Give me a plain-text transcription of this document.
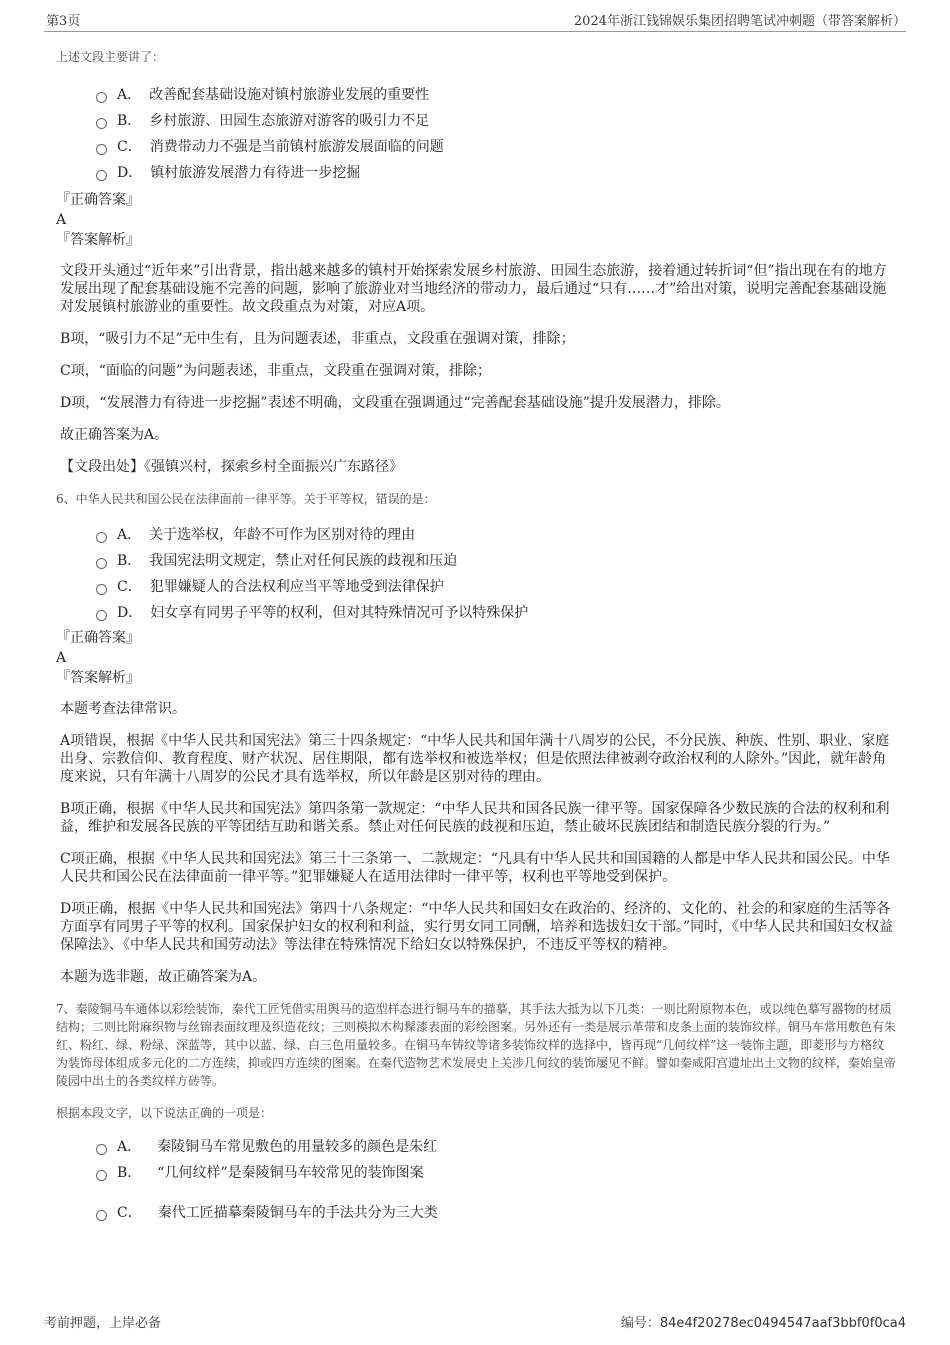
第3页	2024年浙江钱锦娱乐集团招聘笔试冲刺题（带答案解析）
上述文段主要讲了：
A． 改善配套基础设施对镇村旅游业发展的重要性
B． 乡村旅游、田园生态旅游对游客的吸引力不足
C． 消费带动力不强是当前镇村旅游发展面临的问题
D． 镇村旅游发展潜力有待进一步挖掘
『正确答案』
A
『答案解析』

文段开头通过“近年来”引出背景，指出越来越多的镇村开始探索发展乡村旅游、田园生态旅游，接着通过转折词“但”指出现在有的地方发展出现了配套基础设施不完善的问题，影响了旅游业对当地经济的带动力，最后通过“只有……才”给出对策，说明完善配套基础设施对发展镇村旅游业的重要性。故文段重点为对策，对应A项。

B项，“吸引力不足”无中生有，且为问题表述，非重点，文段重在强调对策，排除；

C项，“面临的问题”为问题表述，非重点，文段重在强调对策，排除；

D项，“发展潜力有待进一步挖掘”表述不明确，文段重在强调通过“完善配套基础设施”提升发展潜力，排除。

故正确答案为A。

【文段出处】《强镇兴村，探索乡村全面振兴广东路径》

6、中华人民共和国公民在法律面前一律平等。关于平等权，错误的是：
A． 关于选举权，年龄不可作为区别对待的理由
B． 我国宪法明文规定，禁止对任何民族的歧视和压迫
C． 犯罪嫌疑人的合法权利应当平等地受到法律保护
D． 妇女享有同男子平等的权利，但对其特殊情况可予以特殊保护
『正确答案』
A
『答案解析』

本题考查法律常识。

A项错误，根据《中华人民共和国宪法》第三十四条规定：“中华人民共和国年满十八周岁的公民，不分民族、种族、性别、职业、家庭出身、宗教信仰、教育程度、财产状况、居住期限，都有选举权和被选举权；但是依照法律被剥夺政治权利的人除外。”因此，就年龄角度来说，只有年满十八周岁的公民才具有选举权，所以年龄是区别对待的理由。

B项正确，根据《中华人民共和国宪法》第四条第一款规定：“中华人民共和国各民族一律平等。国家保障各少数民族的合法的权利和利益，维护和发展各民族的平等团结互助和谐关系。禁止对任何民族的歧视和压迫，禁止破坏民族团结和制造民族分裂的行为。”

C项正确，根据《中华人民共和国宪法》第三十三条第一、二款规定：“凡具有中华人民共和国国籍的人都是中华人民共和国公民。中华人民共和国公民在法律面前一律平等。”犯罪嫌疑人在适用法律时一律平等，权利也平等地受到保护。

D项正确，根据《中华人民共和国宪法》第四十八条规定：“中华人民共和国妇女在政治的、经济的、文化的、社会的和家庭的生活等各方面享有同男子平等的权利。国家保护妇女的权利和利益，实行男女同工同酬，培养和选拔妇女干部。”同时，《中华人民共和国妇女权益保障法》、《中华人民共和国劳动法》等法律在特殊情况下给妇女以特殊保护，不违反平等权的精神。

本题为选非题，故正确答案为A。

7、秦陵铜马车通体以彩绘装饰，秦代工匠凭借实用舆马的造型样态进行铜马车的描摹，其手法大抵为以下几类：一则比附原物本色，或以纯色摹写器物的材质结构；二则比附麻织物与丝锦表面纹理及织造花纹；三则模拟木构髹漆表面的彩绘图案。另外还有一类是展示革带和皮条上面的装饰纹样。铜马车常用敷色有朱红、粉红、绿、粉绿、深蓝等，其中以蓝、绿、白三色用量较多。在铜马车铸纹等诸多装饰纹样的选择中，皆再现“几何纹样”这一装饰主题，即菱形与方格纹为装饰母体组成多元化的二方连续，抑或四方连续的图案。在秦代造物艺术发展史上关涉几何纹的装饰屡见不鲜。譬如秦咸阳宫遗址出土文物的纹样，秦始皇帝陵园中出土的各类纹样方砖等。
根据本段文字，以下说法正确的一项是：
A． 秦陵铜马车常见敷色的用量较多的颜色是朱红
B． “几何纹样”是秦陵铜马车较常见的装饰图案
C． 秦代工匠描摹秦陵铜马车的手法共分为三大类
考前押题，上岸必备	编号：84e4f20278ec0494547aaf3bbf0f0ca4
